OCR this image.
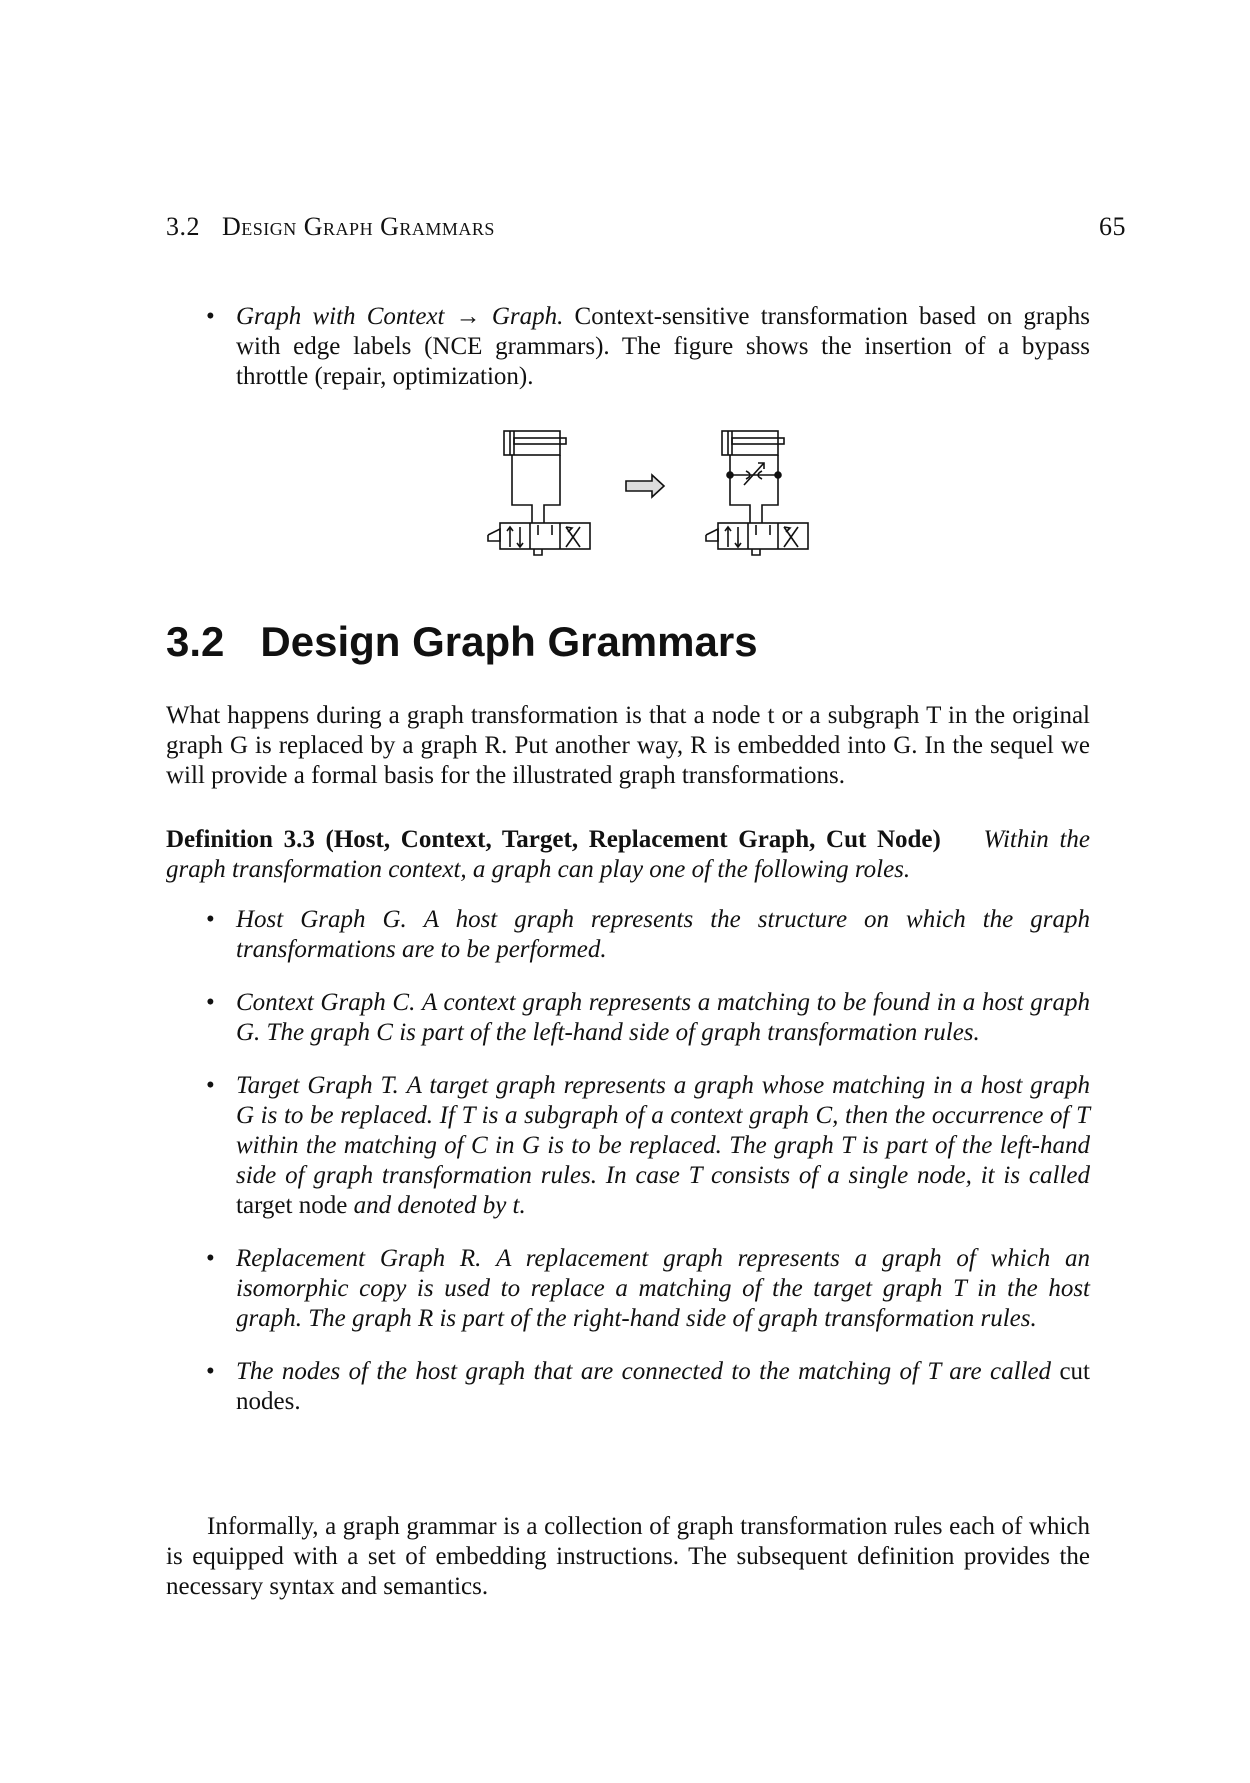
3.2 Design Graph Grammars	65
• Graph with Context → Graph. Context-sensitive transformation based on graphs with edge labels (NCE grammars). The figure shows the insertion of a bypass throttle (repair, optimization).
3.2 Design Graph Grammars

What happens during a graph transformation is that a node t or a subgraph T in the original graph G is replaced by a graph R. Put another way, R is embedded into G. In the sequel we will provide a formal basis for the illustrated graph transformations.

Definition 3.3 (Host, Context, Target, Replacement Graph, Cut Node) Within the graph transformation context, a graph can play one of the following roles.

• Host Graph G. A host graph represents the structure on which the graph transformations are to be performed.
• Context Graph C. A context graph represents a matching to be found in a host graph G. The graph C is part of the left-hand side of graph transformation rules.
• Target Graph T. A target graph represents a graph whose matching in a host graph G is to be replaced. If T is a subgraph of a context graph C, then the occurrence of T within the matching of C in G is to be replaced. The graph T is part of the left-hand side of graph transformation rules. In case T consists of a single node, it is called target node and denoted by t.
• Replacement Graph R. A replacement graph represents a graph of which an isomorphic copy is used to replace a matching of the target graph T in the host graph. The graph R is part of the right-hand side of graph transformation rules.
• The nodes of the host graph that are connected to the matching of T are called cut nodes.

Informally, a graph grammar is a collection of graph transformation rules each of which is equipped with a set of embedding instructions. The subsequent definition provides the necessary syntax and semantics.
